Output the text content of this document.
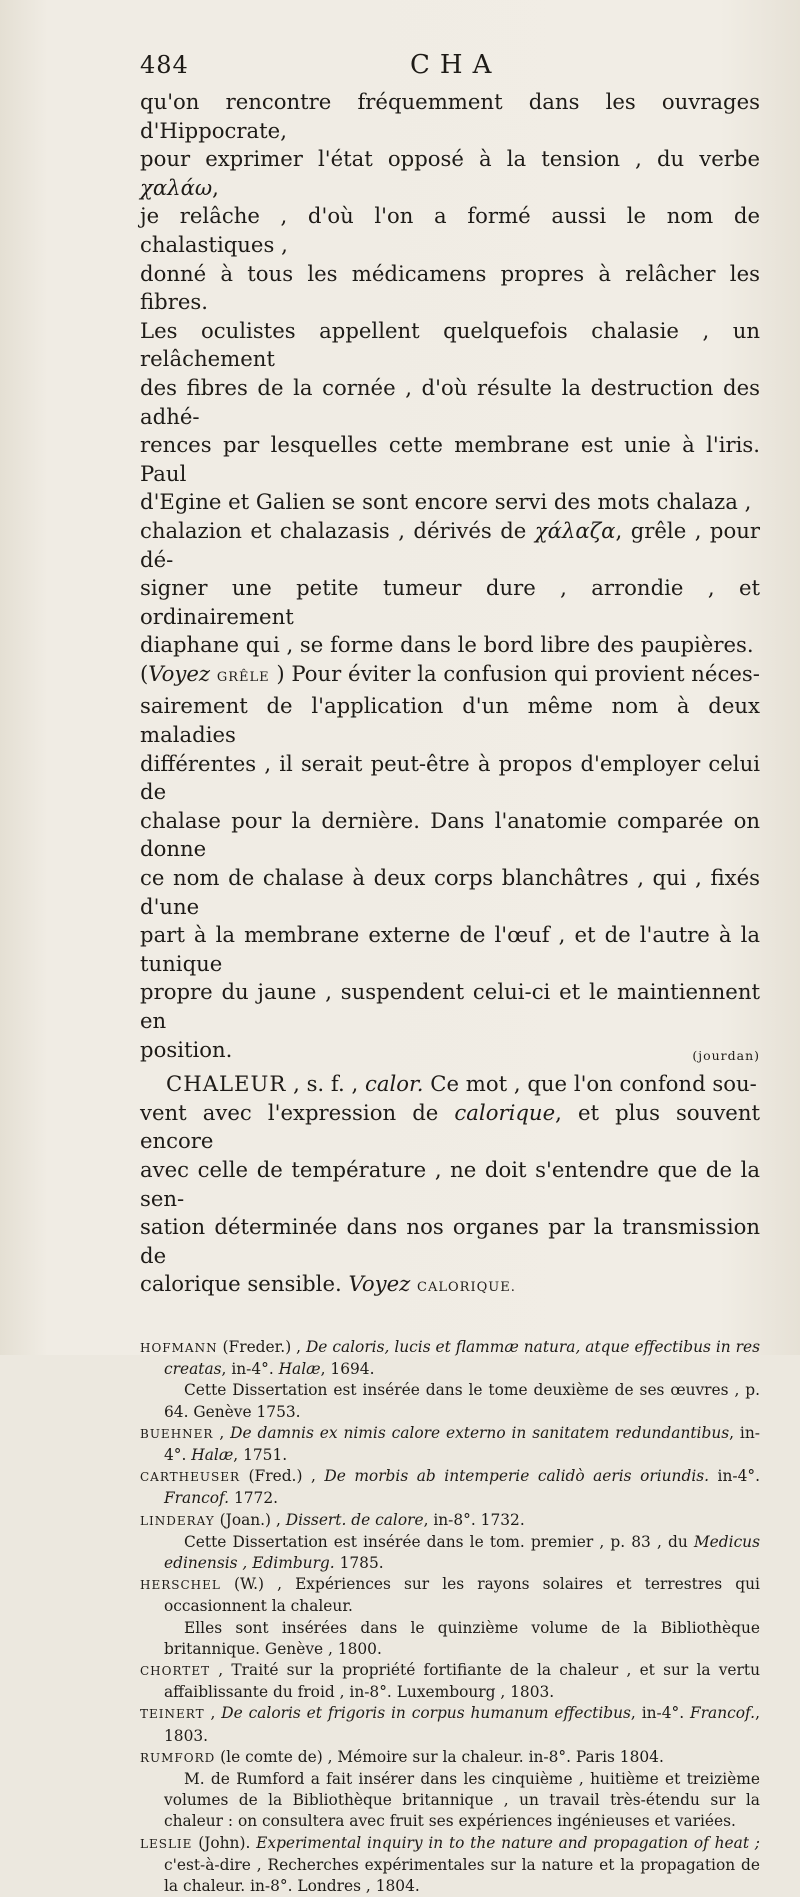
484	CHA

qu'on rencontre fréquemment dans les ouvrages d'Hippocrate,

pour exprimer l'état opposé à la tension , du verbe χαλάω,

je relâche , d'où l'on a formé aussi le nom de chalastiques ,

donné à tous les médicamens propres à relâcher les fibres.

Les oculistes appellent quelquefois chalasie , un relâchement

des fibres de la cornée , d'où résulte la destruction des adhé-

rences par lesquelles cette membrane est unie à l'iris. Paul

d'Egine et Galien se sont encore servi des mots chalaza ,

chalazion et chalazasis , dérivés de χάλαζα, grêle , pour dé-

signer une petite tumeur dure , arrondie , et ordinairement

diaphane qui , se forme dans le bord libre des paupières.

(Voyez GRÊLE ) Pour éviter la confusion qui provient néces-

sairement de l'application d'un même nom à deux maladies

différentes , il serait peut-être à propos d'employer celui de

chalase pour la dernière. Dans l'anatomie comparée on donne

ce nom de chalase à deux corps blanchâtres , qui , fixés d'une

part à la membrane externe de l'œuf , et de l'autre à la tunique

propre du jaune , suspendent celui-ci et le maintiennent en

position.	(jourdan)

CHALEUR , s. f. , calor. Ce mot , que l'on confond sou-

vent avec l'expression de calorique, et plus souvent encore

avec celle de température , ne doit s'entendre que de la sen-

sation déterminée dans nos organes par la transmission de

calorique sensible. Voyez CALORIQUE.

HOFMANN (Freder.) , De caloris, lucis et flammæ natura, atque effectibus in res creatas, in-4°. Halæ, 1694.

Cette Dissertation est insérée dans le tome deuxième de ses œuvres , p. 64. Genève 1753.

BUEHNER , De damnis ex nimis calore externo in sanitatem redundantibus, in-4°. Halæ, 1751.

CARTHEUSER (Fred.) , De morbis ab intemperie calidò aeris oriundis. in-4°. Francof. 1772.

LINDERAY (Joan.) , Dissert. de calore, in-8°. 1732.

Cette Dissertation est insérée dans le tom. premier , p. 83 , du Medicus edinensis , Edimburg. 1785.

HERSCHEL (W.) , Expériences sur les rayons solaires et terrestres qui occasionnent la chaleur.

Elles sont insérées dans le quinzième volume de la Bibliothèque britannique. Genève , 1800.

CHORTET , Traité sur la propriété fortifiante de la chaleur , et sur la vertu affaiblissante du froid , in-8°. Luxembourg , 1803.

TEINERT , De caloris et frigoris in corpus humanum effectibus, in-4°. Francof., 1803.

RUMFORD (le comte de) , Mémoire sur la chaleur. in-8°. Paris 1804.

M. de Rumford a fait insérer dans les cinquième , huitième et treizième volumes de la Bibliothèque britannique , un travail très-étendu sur la chaleur : on consultera avec fruit ses expériences ingénieuses et variées.

LESLIE (John). Experimental inquiry in to the nature and propagation of heat ; c'est-à-dire , Recherches expérimentales sur la nature et la propagation de la chaleur. in-8°. Londres , 1804.
